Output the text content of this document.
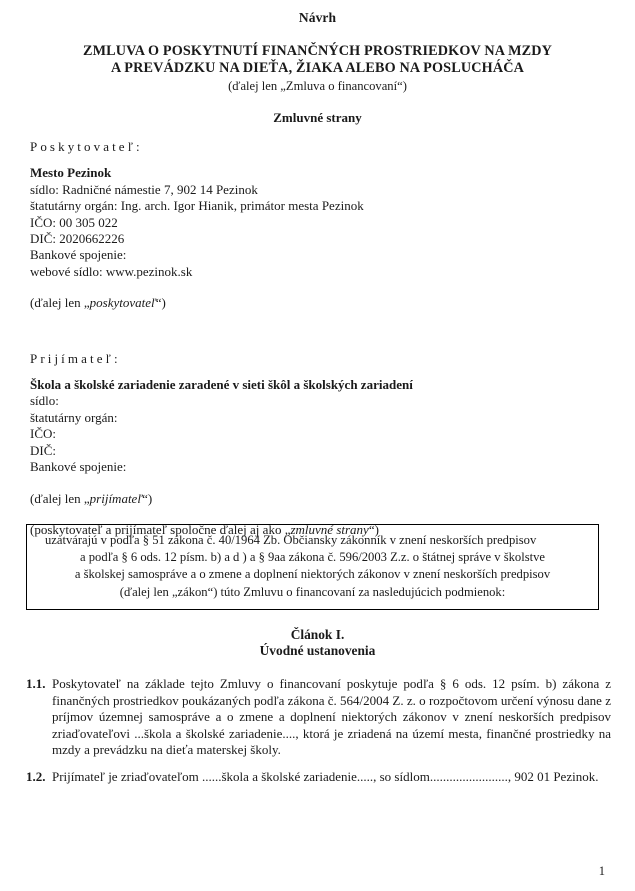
Návrh
ZMLUVA O POSKYTNUTÍ FINANČNÝCH PROSTRIEDKOV NA MZDY
A PREVÁDZKU NA DIEŤA, ŽIAKA ALEBO NA POSLUCHÁČA
(ďalej len „Zmluva o financovaní“)
Zmluvné strany
Poskytovateľ:
Mesto Pezinok
sídlo: Radničné námestie 7, 902 14 Pezinok
štatutárny orgán: Ing. arch. Igor Hianik, primátor mesta Pezinok
IČO: 00 305 022
DIČ: 2020662226
Bankové spojenie:
webové sídlo: www.pezinok.sk
(ďalej len „poskytovateľ“)
Prijímateľ:
Škola a školské zariadenie zaradené v sieti škôl a školských zariadení
sídlo:
štatutárny orgán:
IČO:
DIČ:
Bankové spojenie:
(ďalej len „prijímateľ“)
(poskytovateľ a prijímateľ spoločne ďalej aj ako „zmluvné strany“)
uzatvárajú v podľa § 51 zákona č. 40/1964 Zb. Občiansky zákonník v znení neskorších predpisov
a podľa § 6 ods. 12 písm. b) a d ) a § 9aa zákona č. 596/2003 Z.z. o štátnej správe v školstve
a školskej samospráve a o zmene a doplnení niektorých zákonov v znení neskorších predpisov
(ďalej len „zákon“) túto Zmluvu o financovaní za nasledujúcich podmienok:
Článok I.
Úvodné ustanovenia
1.1. Poskytovateľ na základe tejto Zmluvy o financovaní poskytuje podľa § 6 ods. 12 psím. b) zákona z finančných prostriedkov poukázaných podľa zákona č. 564/2004 Z. z. o rozpočtovom určení výnosu dane z príjmov územnej samospráve a o zmene a doplnení niektorých zákonov v znení neskorších predpisov zriaďovateľovi ...škola a školské zariadenie...., ktorá je zriadená na území mesta, finančné prostriedky na mzdy a prevádzku na dieťa materskej školy.
1.2. Prijímateľ je zriaďovateľom ......škola a školské zariadenie....., so sídlom........................, 902 01 Pezinok.
1
